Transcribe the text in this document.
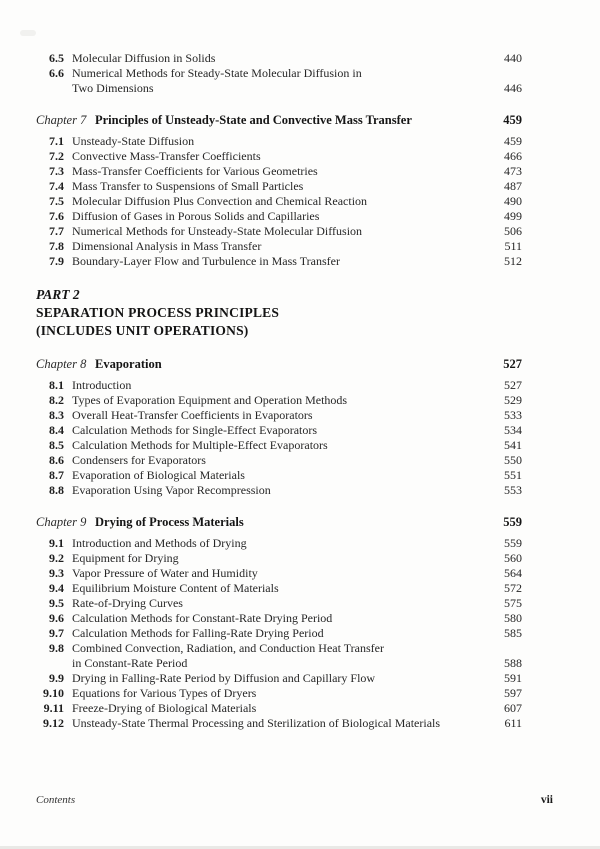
6.5 Molecular Diffusion in Solids	440
6.6 Numerical Methods for Steady-State Molecular Diffusion in
Two Dimensions	446
Chapter 7 Principles of Unsteady-State and Convective Mass Transfer	459
7.1 Unsteady-State Diffusion	459
7.2 Convective Mass-Transfer Coefficients	466
7.3 Mass-Transfer Coefficients for Various Geometries	473
7.4 Mass Transfer to Suspensions of Small Particles	487
7.5 Molecular Diffusion Plus Convection and Chemical Reaction	490
7.6 Diffusion of Gases in Porous Solids and Capillaries	499
7.7 Numerical Methods for Unsteady-State Molecular Diffusion	506
7.8 Dimensional Analysis in Mass Transfer	511
7.9 Boundary-Layer Flow and Turbulence in Mass Transfer	512
PART 2
SEPARATION PROCESS PRINCIPLES
(INCLUDES UNIT OPERATIONS)
Chapter 8 Evaporation	527
8.1 Introduction	527
8.2 Types of Evaporation Equipment and Operation Methods	529
8.3 Overall Heat-Transfer Coefficients in Evaporators	533
8.4 Calculation Methods for Single-Effect Evaporators	534
8.5 Calculation Methods for Multiple-Effect Evaporators	541
8.6 Condensers for Evaporators	550
8.7 Evaporation of Biological Materials	551
8.8 Evaporation Using Vapor Recompression	553
Chapter 9 Drying of Process Materials	559
9.1 Introduction and Methods of Drying	559
9.2 Equipment for Drying	560
9.3 Vapor Pressure of Water and Humidity	564
9.4 Equilibrium Moisture Content of Materials	572
9.5 Rate-of-Drying Curves	575
9.6 Calculation Methods for Constant-Rate Drying Period	580
9.7 Calculation Methods for Falling-Rate Drying Period	585
9.8 Combined Convection, Radiation, and Conduction Heat Transfer
in Constant-Rate Period	588
9.9 Drying in Falling-Rate Period by Diffusion and Capillary Flow	591
9.10 Equations for Various Types of Dryers	597
9.11 Freeze-Drying of Biological Materials	607
9.12 Unsteady-State Thermal Processing and Sterilization of Biological Materials	611
Contents	vii
